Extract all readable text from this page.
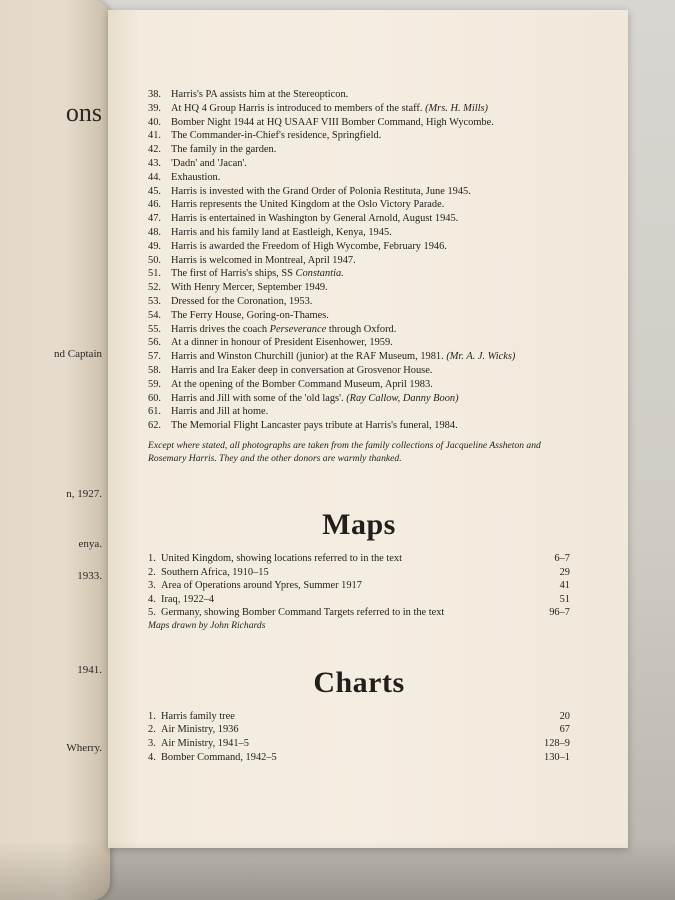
ons
nd Captain
n, 1927.
enya.
1933.
1941.
Wherry.
38. Harris's PA assists him at the Stereopticon.
39. At HQ 4 Group Harris is introduced to members of the staff. (Mrs. H. Mills)
40. Bomber Night 1944 at HQ USAAF VIII Bomber Command, High Wycombe.
41. The Commander-in-Chief's residence, Springfield.
42. The family in the garden.
43. 'Dadn' and 'Jacan'.
44. Exhaustion.
45. Harris is invested with the Grand Order of Polonia Restituta, June 1945.
46. Harris represents the United Kingdom at the Oslo Victory Parade.
47. Harris is entertained in Washington by General Arnold, August 1945.
48. Harris and his family land at Eastleigh, Kenya, 1945.
49. Harris is awarded the Freedom of High Wycombe, February 1946.
50. Harris is welcomed in Montreal, April 1947.
51. The first of Harris's ships, SS Constantia.
52. With Henry Mercer, September 1949.
53. Dressed for the Coronation, 1953.
54. The Ferry House, Goring-on-Thames.
55. Harris drives the coach Perseverance through Oxford.
56. At a dinner in honour of President Eisenhower, 1959.
57. Harris and Winston Churchill (junior) at the RAF Museum, 1981. (Mr. A. J. Wicks)
58. Harris and Ira Eaker deep in conversation at Grosvenor House.
59. At the opening of the Bomber Command Museum, April 1983.
60. Harris and Jill with some of the 'old lags'. (Ray Callow, Danny Boon)
61. Harris and Jill at home.
62. The Memorial Flight Lancaster pays tribute at Harris's funeral, 1984.
Except where stated, all photographs are taken from the family collections of Jacqueline Assheton and Rosemary Harris. They and the other donors are warmly thanked.
Maps
1. United Kingdom, showing locations referred to in the text	6–7
2. Southern Africa, 1910–15	29
3. Area of Operations around Ypres, Summer 1917	41
4. Iraq, 1922–4	51
5. Germany, showing Bomber Command Targets referred to in the text	96–7
Maps drawn by John Richards
Charts
1. Harris family tree	20
2. Air Ministry, 1936	67
3. Air Ministry, 1941–5	128–9
4. Bomber Command, 1942–5	130–1
